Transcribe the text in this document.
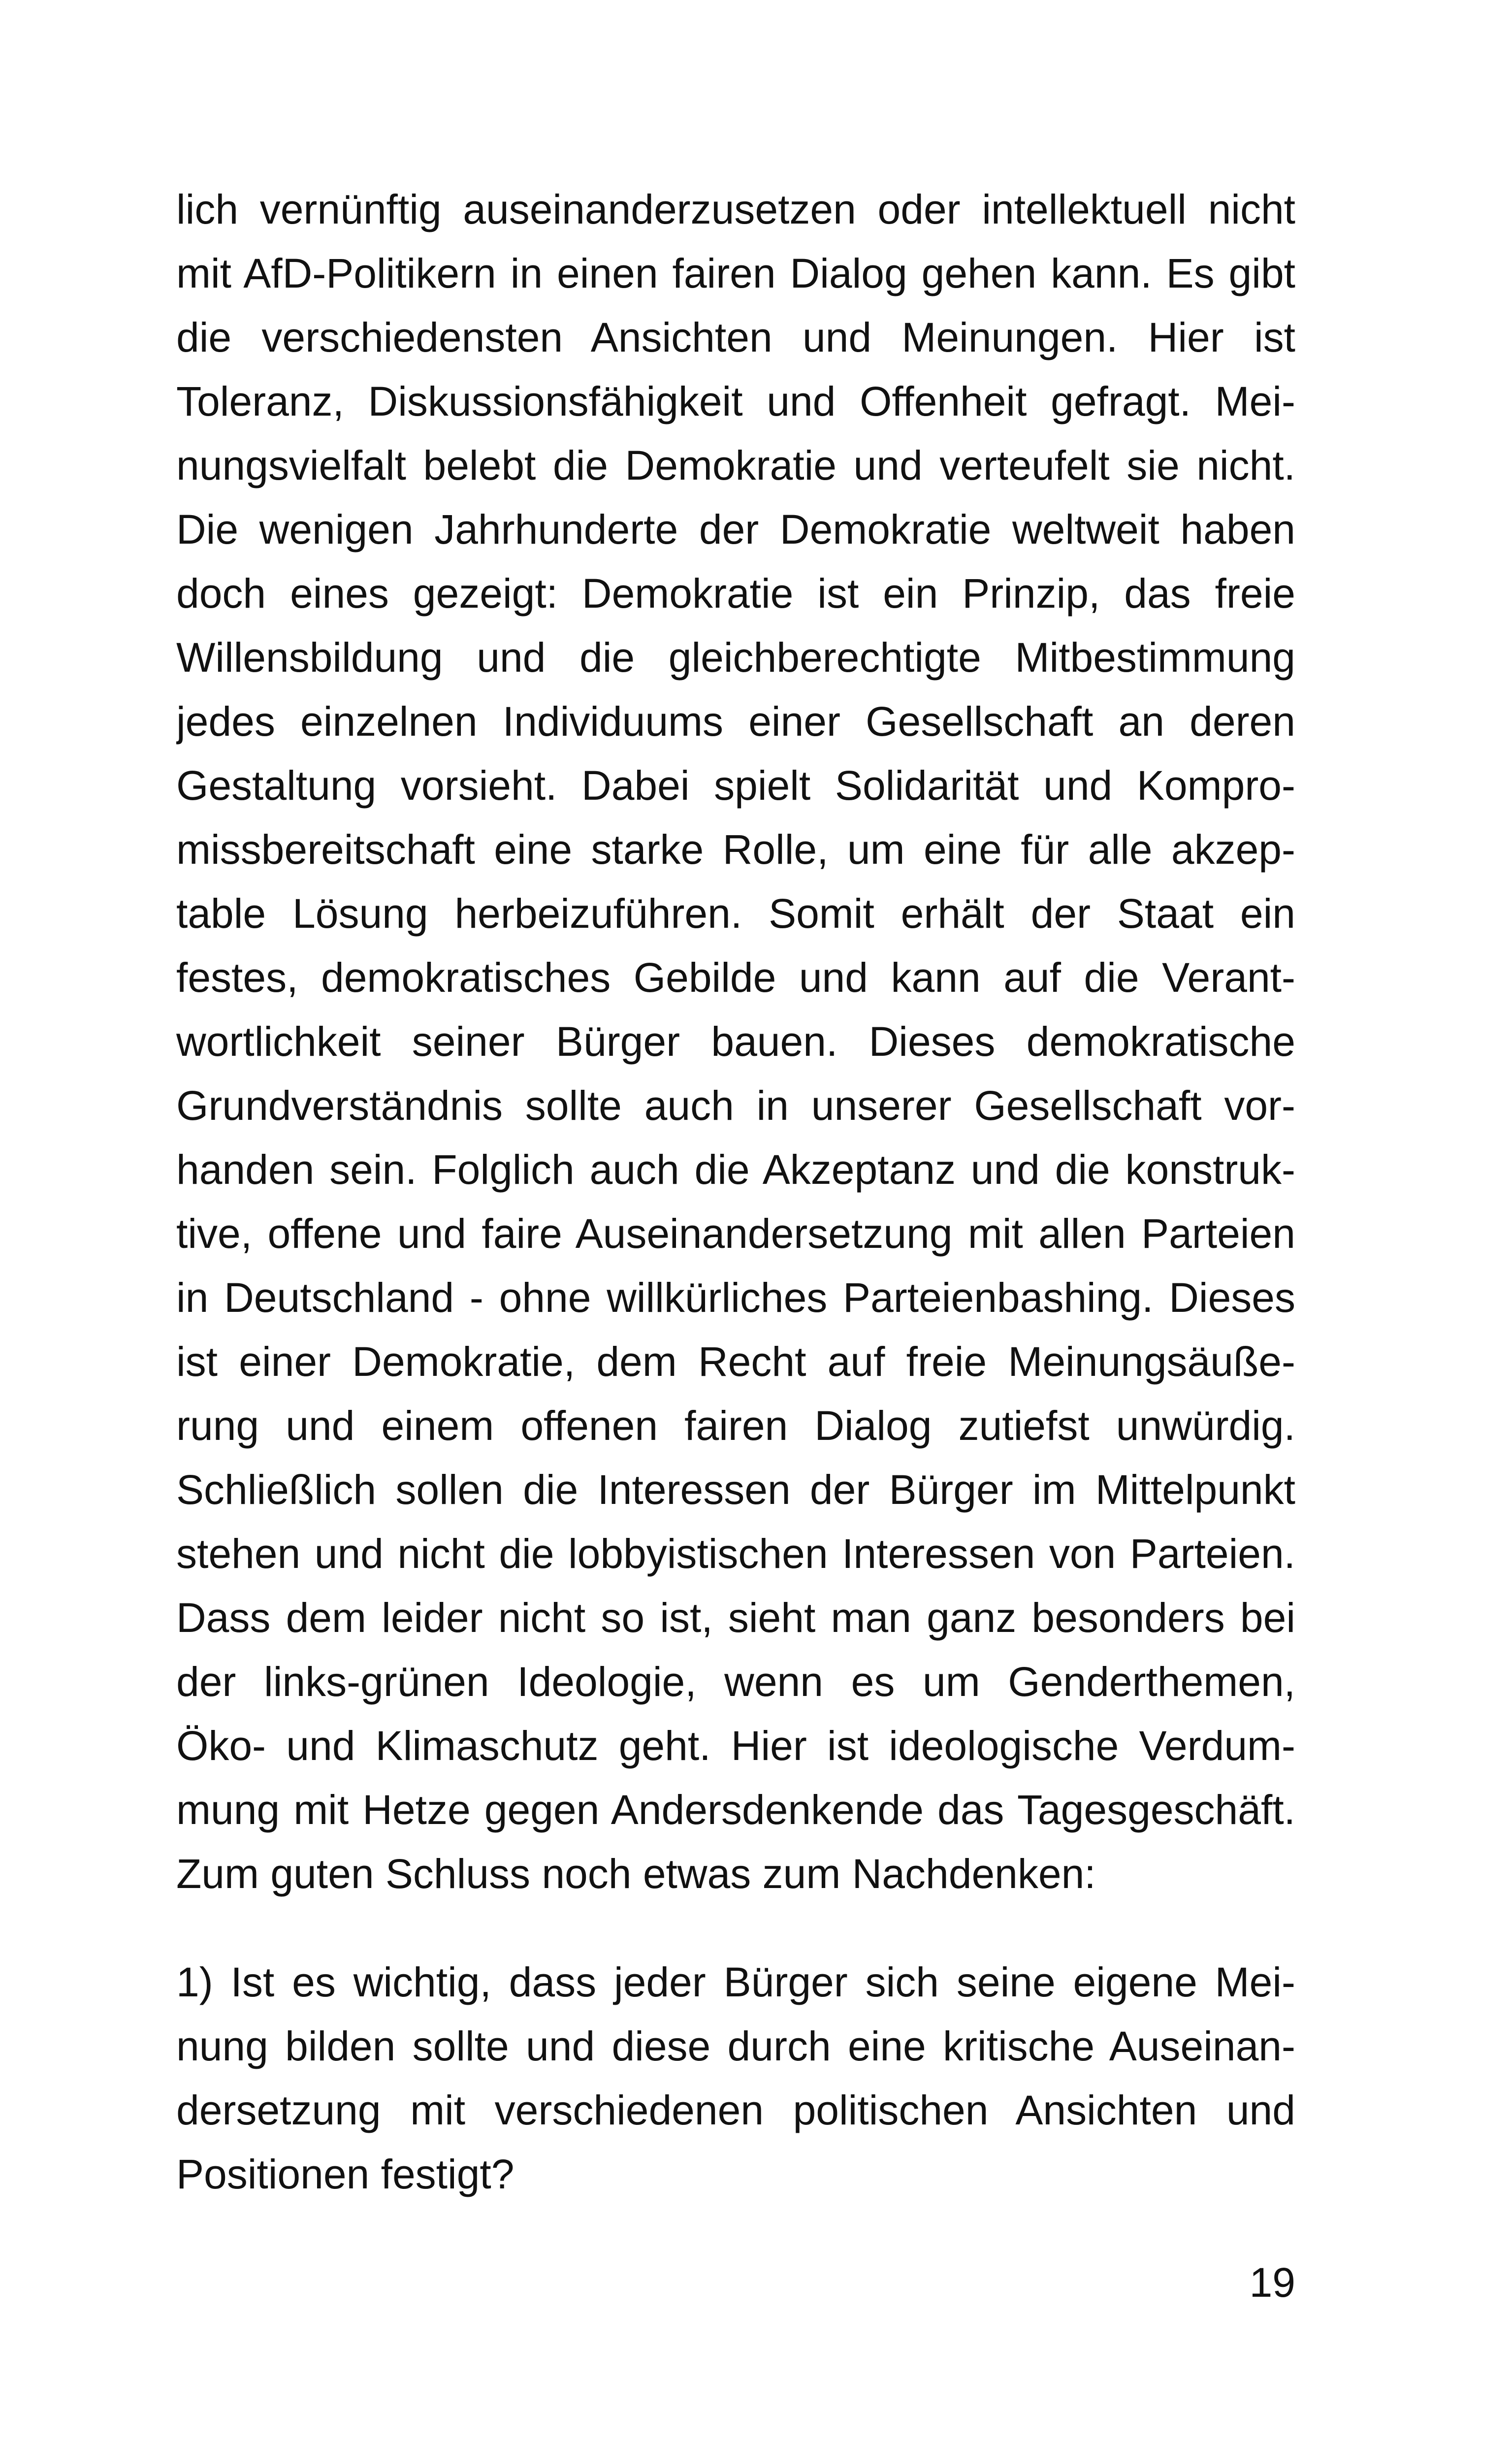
lich vernünftig auseinanderzusetzen oder intellektuell nicht
mit AfD-Politikern in einen fairen Dialog gehen kann. Es gibt
die verschiedensten Ansichten und Meinungen. Hier ist
Toleranz, Diskussionsfähigkeit und Offenheit gefragt. Mei-
nungsvielfalt belebt die Demokratie und verteufelt sie nicht.
Die wenigen Jahrhunderte der Demokratie weltweit haben
doch eines gezeigt: Demokratie ist ein Prinzip, das freie
Willensbildung und die gleichberechtigte Mitbestimmung
jedes einzelnen Individuums einer Gesellschaft an deren
Gestaltung vorsieht. Dabei spielt Solidarität und Kompro-
missbereitschaft eine starke Rolle, um eine für alle akzep-
table Lösung herbeizuführen. Somit erhält der Staat ein
festes, demokratisches Gebilde und kann auf die Verant-
wortlichkeit seiner Bürger bauen. Dieses demokratische
Grundverständnis sollte auch in unserer Gesellschaft vor-
handen sein. Folglich auch die Akzeptanz und die konstruk-
tive, offene und faire Auseinandersetzung mit allen Parteien
in Deutschland - ohne willkürliches Parteienbashing. Dieses
ist einer Demokratie, dem Recht auf freie Meinungsäuße-
rung und einem offenen fairen Dialog zutiefst unwürdig.
Schließlich sollen die Interessen der Bürger im Mittelpunkt
stehen und nicht die lobbyistischen Interessen von Parteien.
Dass dem leider nicht so ist, sieht man ganz besonders bei
der links-grünen Ideologie, wenn es um Genderthemen,
Öko- und Klimaschutz geht. Hier ist ideologische Verdum-
mung mit Hetze gegen Andersdenkende das Tagesgeschäft.
Zum guten Schluss noch etwas zum Nachdenken:
1) Ist es wichtig, dass jeder Bürger sich seine eigene Mei-
nung bilden sollte und diese durch eine kritische Auseinan-
dersetzung mit verschiedenen politischen Ansichten und
Positionen festigt?
19
